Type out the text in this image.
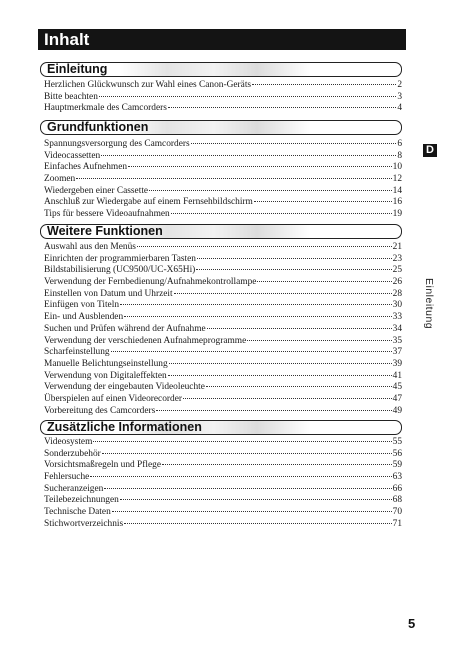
Inhalt
Einleitung
Herzlichen Glückwunsch zur Wahl eines Canon-Geräts	2
Bitte beachten	3
Hauptmerkmale des Camcorders	4
Grundfunktionen
Spannungsversorgung des Camcorders	6
Videocassetten	8
Einfaches Aufnehmen	10
Zoomen	12
Wiedergeben einer Cassette	14
Anschluß zur Wiedergabe auf einem Fernsehbildschirm	16
Tips für bessere Videoaufnahmen	19
Weitere Funktionen
Auswahl aus den Menüs	21
Einrichten der programmierbaren Tasten	23
Bildstabilisierung (UC9500/UC-X65Hi)	25
Verwendung der Fernbedienung/Aufnahmekontrollampe	26
Einstellen von Datum und Uhrzeit	28
Einfügen von Titeln	30
Ein- und Ausblenden	33
Suchen und Prüfen während der Aufnahme	34
Verwendung der verschiedenen Aufnahmeprogramme	35
Scharfeinstellung	37
Manuelle Belichtungseinstellung	39
Verwendung von Digitaleffekten	41
Verwendung der eingebauten Videoleuchte	45
Überspielen auf einen Videorecorder	47
Vorbereitung des Camcorders	49
Zusätzliche Informationen
Videosystem	55
Sonderzubehör	56
Vorsichtsmaßregeln und Pflege	59
Fehlersuche	63
Sucheranzeigen	66
Teilebezeichnungen	68
Technische Daten	70
Stichwortverzeichnis	71
D
Einleitung
5
